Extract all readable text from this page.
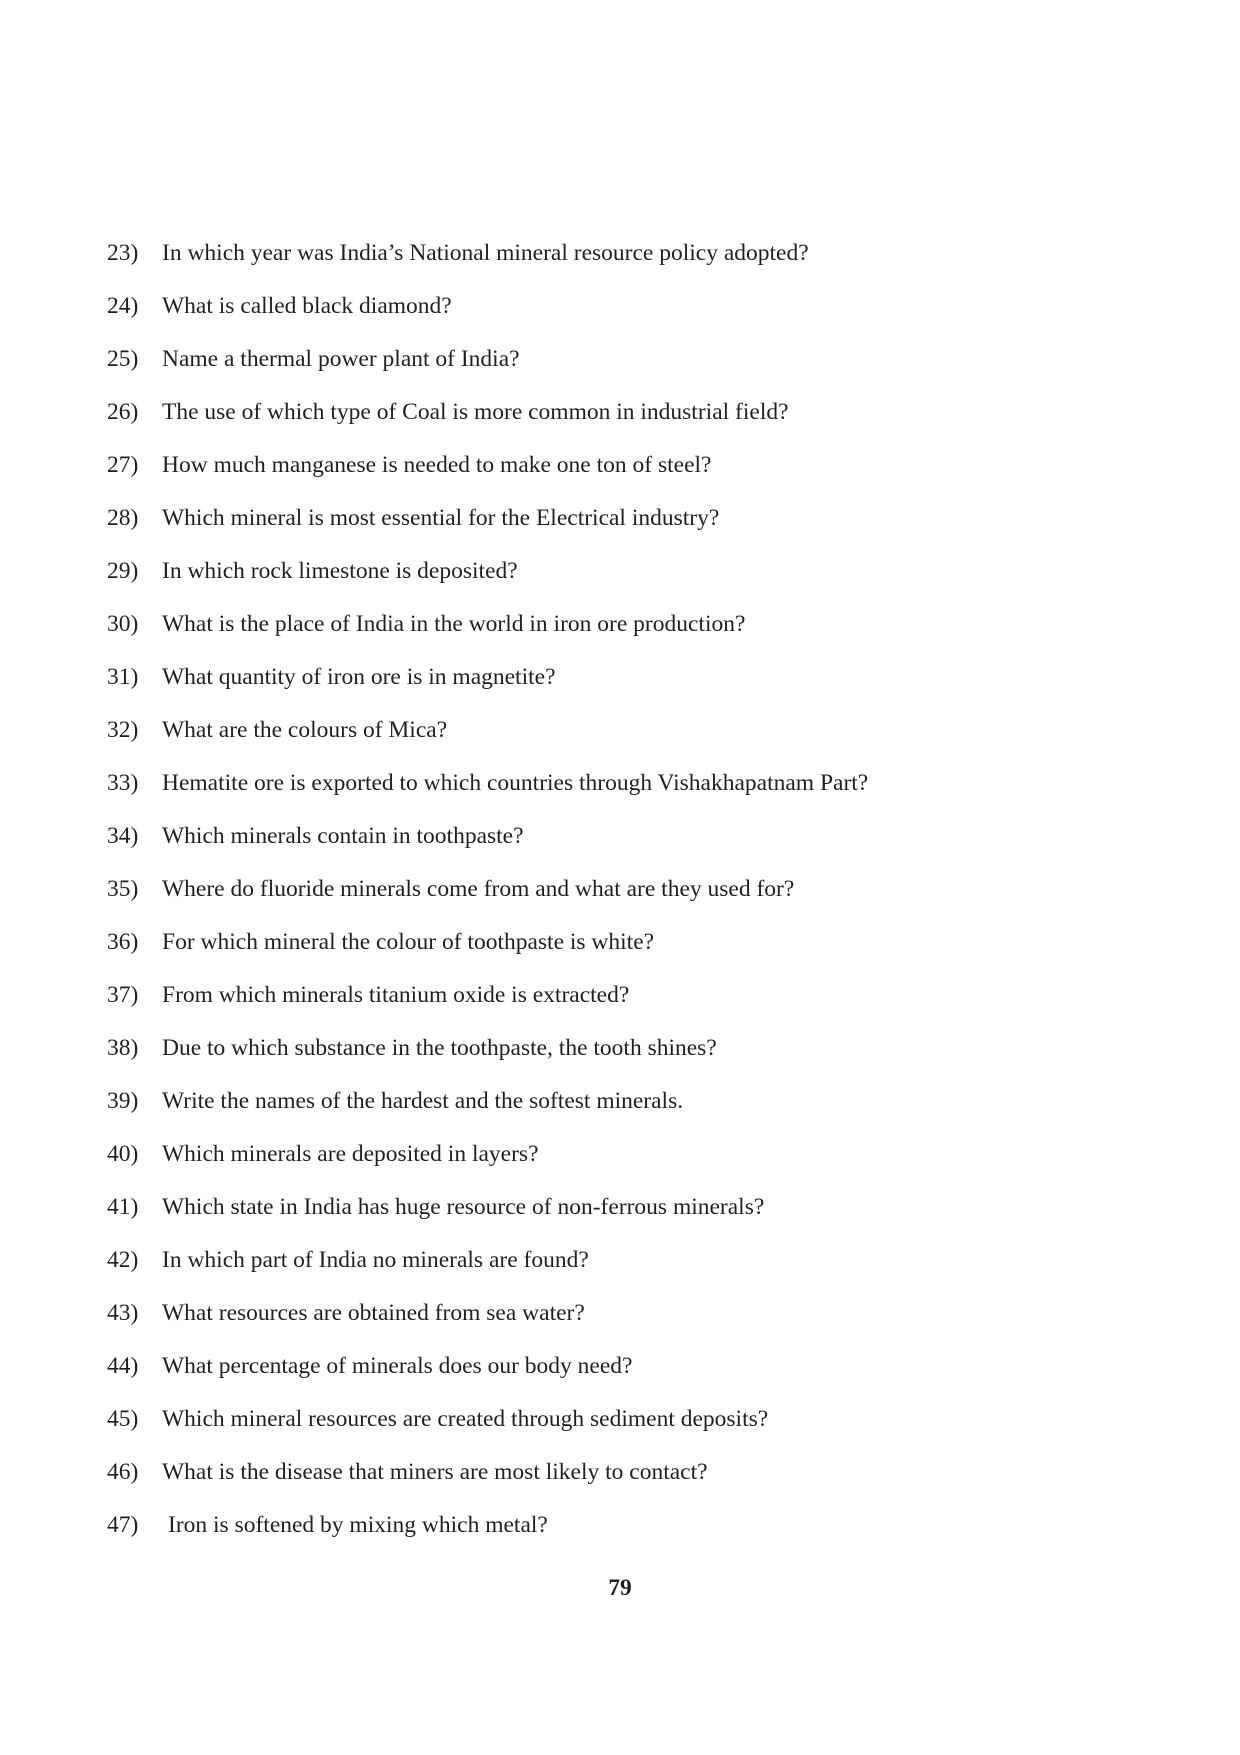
23)	In which year was India’s National mineral resource policy adopted?
24)	What is called black diamond?
25)	Name a thermal power plant of India?
26)	The use of which type of Coal is more common in industrial field?
27)	How much manganese is needed to make one ton of steel?
28)	Which mineral is most essential for the Electrical industry?
29)	In which rock limestone is deposited?
30)	What is the place of India in the world in iron ore production?
31)	What quantity of iron ore is in magnetite?
32)	What are the colours of Mica?
33)	Hematite ore is exported to which countries through Vishakhapatnam Part?
34)	Which minerals contain in toothpaste?
35)	Where do fluoride minerals come from and what are they used for?
36)	For which mineral the colour of toothpaste is white?
37)	From which minerals titanium oxide is extracted?
38)	Due to which substance in the toothpaste, the tooth shines?
39)	Write the names of the hardest and the softest minerals.
40)	Which minerals are deposited in layers?
41)	Which state in India has huge resource of non-ferrous minerals?
42)	In which part of India no minerals are found?
43)	What resources are obtained from sea water?
44)	What percentage of minerals does our body need?
45)	Which mineral resources are created through sediment deposits?
46)	What is the disease that miners are most likely to contact?
47)	Iron is softened by mixing which metal?
79
